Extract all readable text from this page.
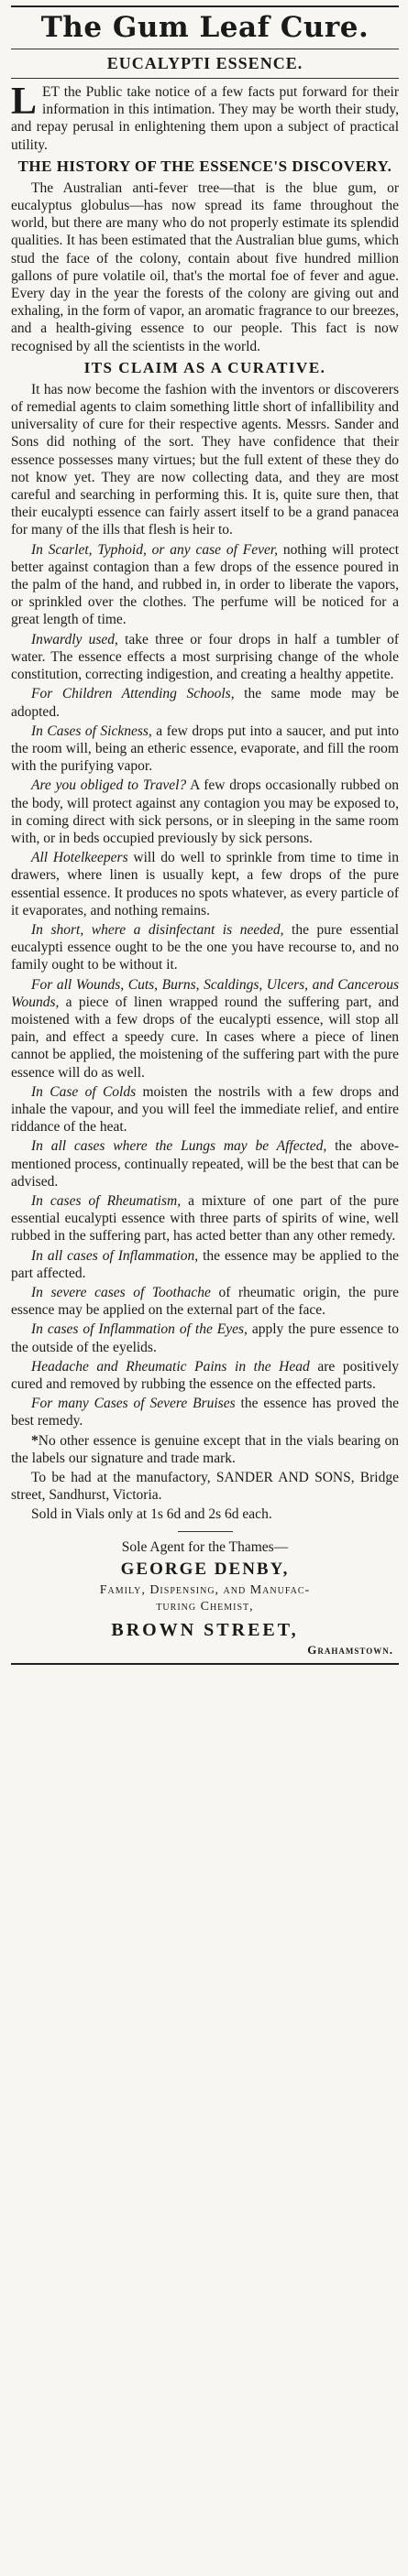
The Gum Leaf Cure.
EUCALYPTI ESSENCE.

LET the Public take notice of a few facts put forward for their information in this intimation. They may be worth their study, and repay perusal in enlightening them upon a subject of practical utility.

THE HISTORY OF THE ESSENCE'S DISCOVERY.

The Australian anti-fever tree—that is the blue gum, or eucalyptus globulus—has now spread its fame throughout the world, but there are many who do not properly estimate its splendid qualities. It has been estimated that the Australian blue gums, which stud the face of the colony, contain about five hundred million gallons of pure volatile oil, that's the mortal foe of fever and ague. Every day in the year the forests of the colony are giving out and exhaling, in the form of vapor, an aromatic fragrance to our breezes, and a health-giving essence to our people. This fact is now recognised by all the scientists in the world.

ITS CLAIM AS A CURATIVE.

It has now become the fashion with the inventors or discoverers of remedial agents to claim something little short of infallibility and universality of cure for their respective agents. Messrs. Sander and Sons did nothing of the sort. They have confidence that their essence possesses many virtues; but the full extent of these they do not know yet. They are now collecting data, and they are most careful and searching in performing this. It is, quite sure then, that their eucalypti essence can fairly assert itself to be a grand panacea for many of the ills that flesh is heir to.

In Scarlet, Typhoid, or any case of Fever, nothing will protect better against contagion than a few drops of the essence poured in the palm of the hand, and rubbed in, in order to liberate the vapors, or sprinkled over the clothes. The perfume will be noticed for a great length of time.

Inwardly used, take three or four drops in half a tumbler of water. The essence effects a most surprising change of the whole constitution, correcting indigestion, and creating a healthy appetite.

For Children Attending Schools, the same mode may be adopted.

In Cases of Sickness, a few drops put into a saucer, and put into the room will, being an etheric essence, evaporate, and fill the room with the purifying vapor.

Are you obliged to Travel? A few drops occasionally rubbed on the body, will protect against any contagion you may be exposed to, in coming direct with sick persons, or in sleeping in the same room with, or in beds occupied previously by sick persons.

All Hotelkeepers will do well to sprinkle from time to time in drawers, where linen is usually kept, a few drops of the pure essential essence. It produces no spots whatever, as every particle of it evaporates, and nothing remains.

In short, where a disinfectant is needed, the pure essential eucalypti essence ought to be the one you have recourse to, and no family ought to be without it.

For all Wounds, Cuts, Burns, Scaldings, Ulcers, and Cancerous Wounds, a piece of linen wrapped round the suffering part, and moistened with a few drops of the eucalypti essence, will stop all pain, and effect a speedy cure. In cases where a piece of linen cannot be applied, the moistening of the suffering part with the pure essence will do as well.

In Case of Colds moisten the nostrils with a few drops and inhale the vapour, and you will feel the immediate relief, and entire riddance of the heat.

In all cases where the Lungs may be Affected, the above-mentioned process, continually repeated, will be the best that can be advised.

In cases of Rheumatism, a mixture of one part of the pure essential eucalypti essence with three parts of spirits of wine, well rubbed in the suffering part, has acted better than any other remedy.

In all cases of Inflammation, the essence may be applied to the part affected.

In severe cases of Toothache of rheumatic origin, the pure essence may be applied on the external part of the face.

In cases of Inflammation of the Eyes, apply the pure essence to the outside of the eyelids.

Headache and Rheumatic Pains in the Head are positively cured and removed by rubbing the essence on the effected parts.

For many Cases of Severe Bruises the essence has proved the best remedy.

*No other essence is genuine except that in the vials bearing on the labels our signature and trade mark.

To be had at the manufactory, SANDER AND SONS, Bridge street, Sandhurst, Victoria.

Sold in Vials only at 1s 6d and 2s 6d each.

Sole Agent for the Thames—
GEORGE DENBY,
Family, Dispensing, and Manufac-
turing Chemist,
BROWN STREET,
Grahamstown.
